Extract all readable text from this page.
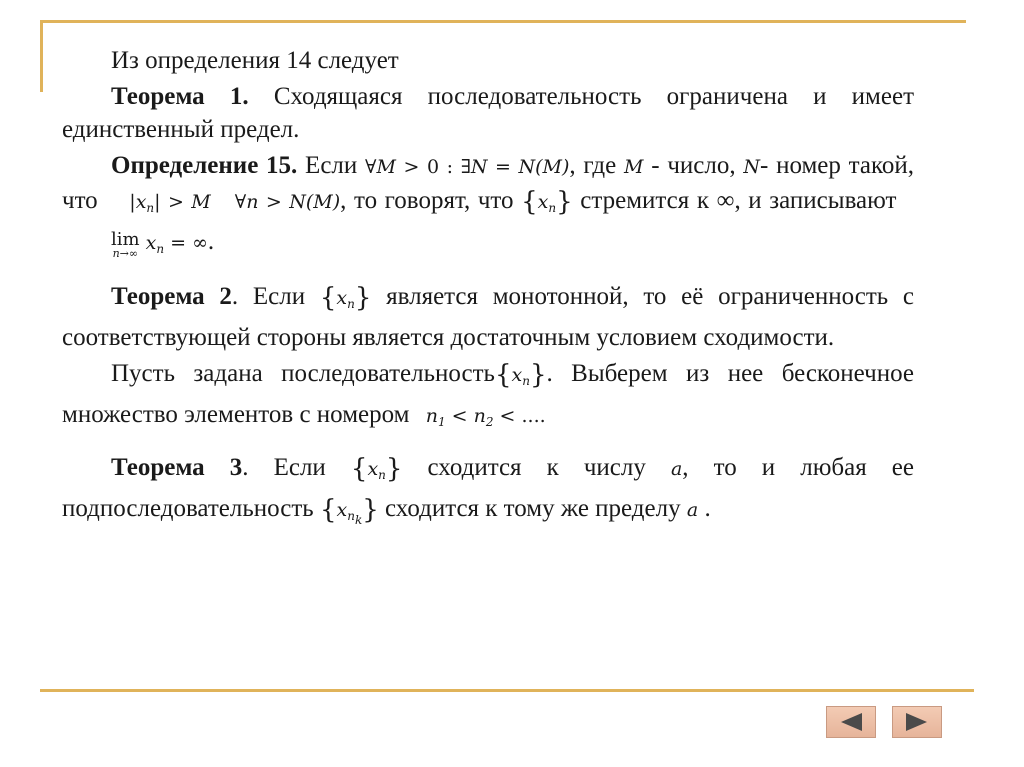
Из определения 14 следует

Теорема 1. Сходящаяся последовательность ограничена и имеет единственный предел.

Определение 15. Если ∀M > 0 : ∃N = N(M), где M - число, N- номер такой, что $|x_n| > M$ ∀n > N(M), то говорят, что $\{x_n\}$ стремится к ∞, и записывают
lim
n→∞ $x_n$ = ∞.

Теорема 2. Если $\{x_n\}$ является монотонной, то её ограниченность с соответствующей стороны является достаточным условием сходимости.

Пусть задана $последовательность\{x_n\}$. Выберем из нее бесконечное множество элементов с номером $n_1 < n_2$ < ....

Теорема 3. Если $\{x_n\}$ сходится к числу a, то и любая ее подпоследовательность $\{x_{n_k}\}$ сходится к тому же пределу a .
